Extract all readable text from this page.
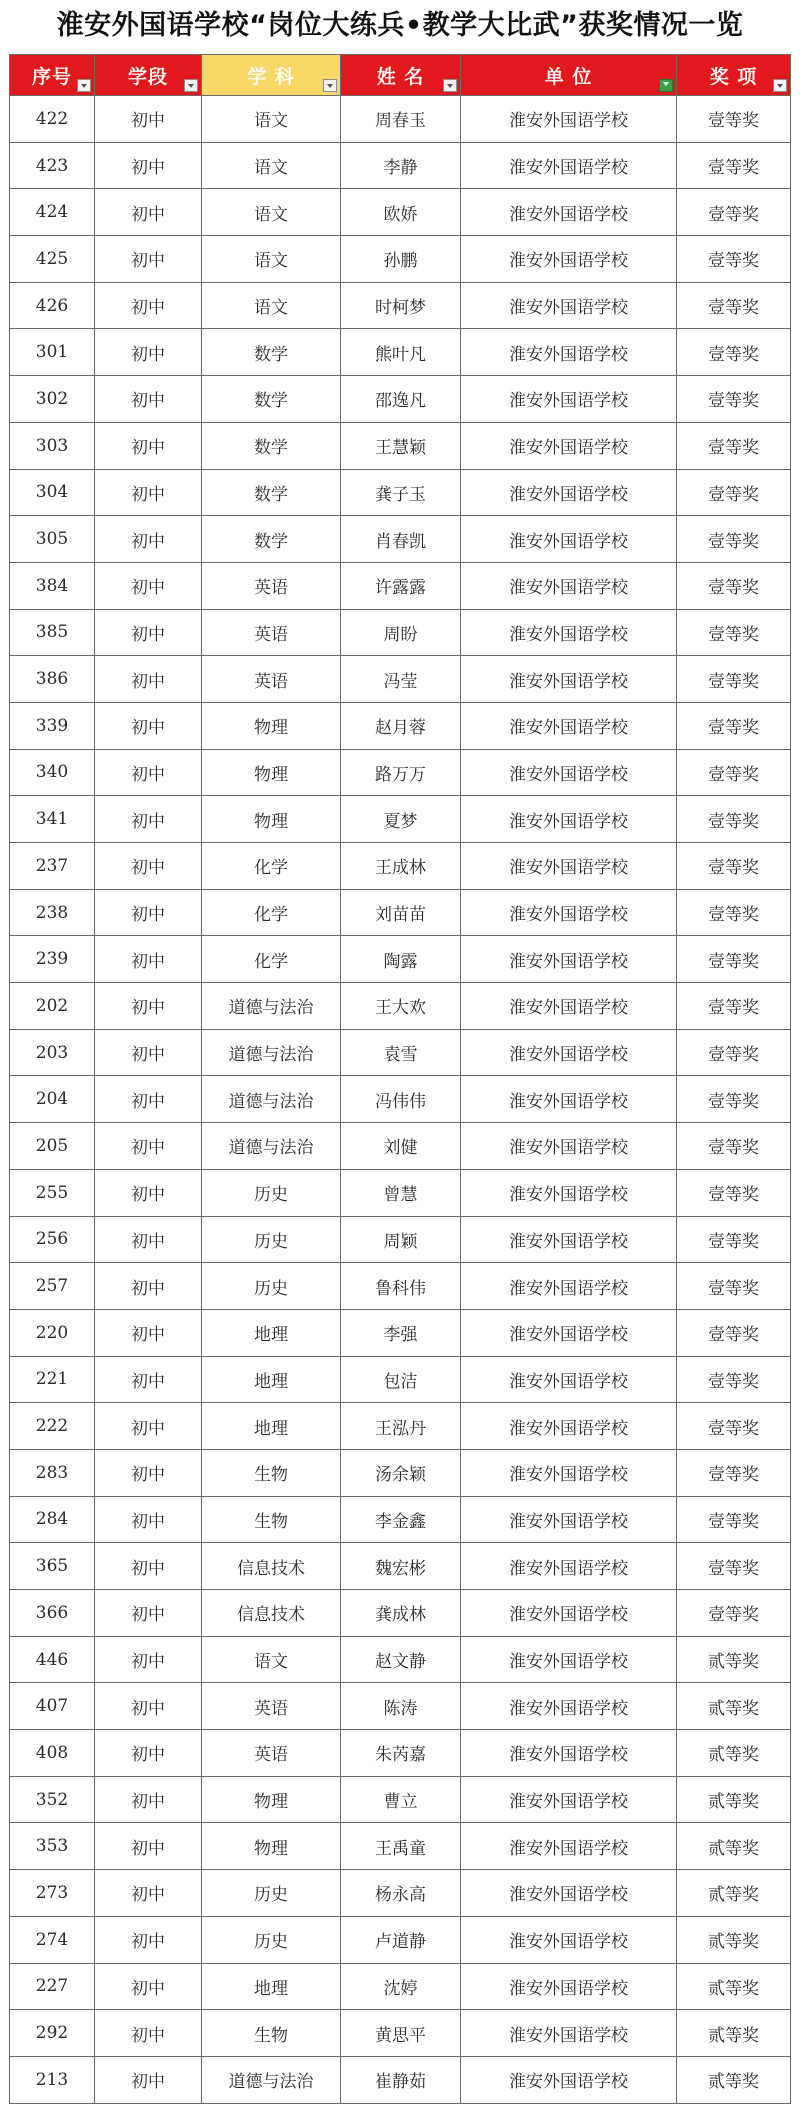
淮安外国语学校“岗位大练兵•教学大比武”获奖情况一览
序号	学段	学 科	姓 名	单 位	奖 项

422	初中	语文	周春玉	淮安外国语学校	壹等奖
423	初中	语文	李静	淮安外国语学校	壹等奖
424	初中	语文	欧娇	淮安外国语学校	壹等奖
425	初中	语文	孙鹏	淮安外国语学校	壹等奖
426	初中	语文	时柯梦	淮安外国语学校	壹等奖
301	初中	数学	熊叶凡	淮安外国语学校	壹等奖
302	初中	数学	邵逸凡	淮安外国语学校	壹等奖
303	初中	数学	王慧颖	淮安外国语学校	壹等奖
304	初中	数学	龚子玉	淮安外国语学校	壹等奖
305	初中	数学	肖春凯	淮安外国语学校	壹等奖
384	初中	英语	许露露	淮安外国语学校	壹等奖
385	初中	英语	周盼	淮安外国语学校	壹等奖
386	初中	英语	冯莹	淮安外国语学校	壹等奖
339	初中	物理	赵月蓉	淮安外国语学校	壹等奖
340	初中	物理	路万万	淮安外国语学校	壹等奖
341	初中	物理	夏梦	淮安外国语学校	壹等奖
237	初中	化学	王成林	淮安外国语学校	壹等奖
238	初中	化学	刘苗苗	淮安外国语学校	壹等奖
239	初中	化学	陶露	淮安外国语学校	壹等奖
202	初中	道德与法治	王大欢	淮安外国语学校	壹等奖
203	初中	道德与法治	袁雪	淮安外国语学校	壹等奖
204	初中	道德与法治	冯伟伟	淮安外国语学校	壹等奖
205	初中	道德与法治	刘健	淮安外国语学校	壹等奖
255	初中	历史	曾慧	淮安外国语学校	壹等奖
256	初中	历史	周颖	淮安外国语学校	壹等奖
257	初中	历史	鲁科伟	淮安外国语学校	壹等奖
220	初中	地理	李强	淮安外国语学校	壹等奖
221	初中	地理	包洁	淮安外国语学校	壹等奖
222	初中	地理	王泓丹	淮安外国语学校	壹等奖
283	初中	生物	汤余颖	淮安外国语学校	壹等奖
284	初中	生物	李金鑫	淮安外国语学校	壹等奖
365	初中	信息技术	魏宏彬	淮安外国语学校	壹等奖
366	初中	信息技术	龚成林	淮安外国语学校	壹等奖
446	初中	语文	赵文静	淮安外国语学校	贰等奖
407	初中	英语	陈涛	淮安外国语学校	贰等奖
408	初中	英语	朱芮嘉	淮安外国语学校	贰等奖
352	初中	物理	曹立	淮安外国语学校	贰等奖
353	初中	物理	王禹童	淮安外国语学校	贰等奖
273	初中	历史	杨永高	淮安外国语学校	贰等奖
274	初中	历史	卢道静	淮安外国语学校	贰等奖
227	初中	地理	沈婷	淮安外国语学校	贰等奖
292	初中	生物	黄思平	淮安外国语学校	贰等奖
213	初中	道德与法治	崔静茹	淮安外国语学校	贰等奖
